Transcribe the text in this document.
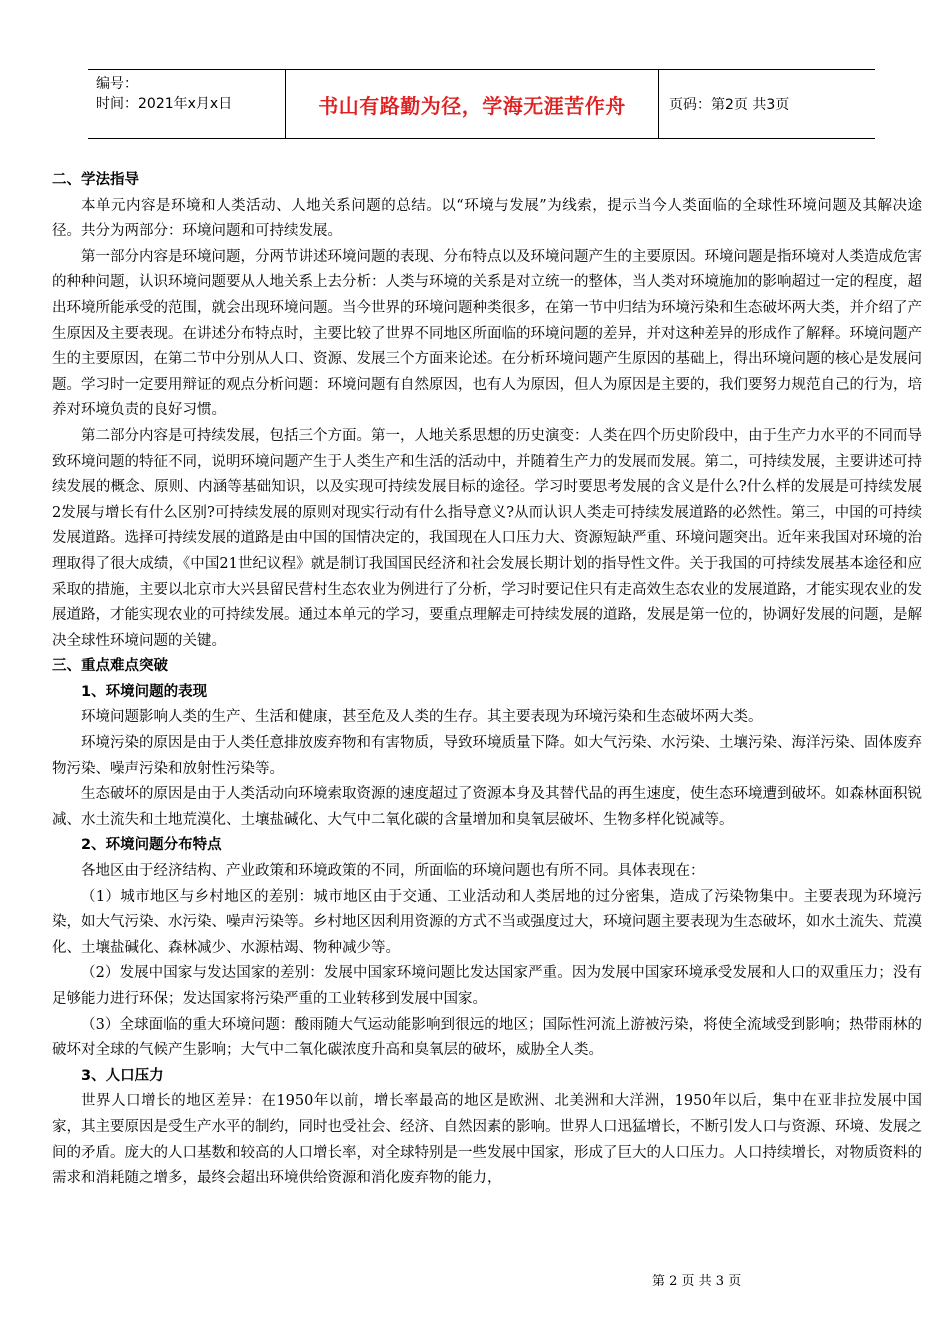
编号：
时间：2021年x月x日	书山有路勤为径，学海无涯苦作舟	页码：第2页 共3页
二、学法指导

本单元内容是环境和人类活动、人地关系问题的总结。以“环境与发展”为线索，提示当今人类面临的全球性环境问题及其解决途径。共分为两部分：环境问题和可持续发展。

第一部分内容是环境问题，分两节讲述环境问题的表现、分布特点以及环境问题产生的主要原因。环境问题是指环境对人类造成危害的种种问题，认识环境问题要从人地关系上去分析：人类与环境的关系是对立统一的整体，当人类对环境施加的影响超过一定的程度，超出环境所能承受的范围，就会出现环境问题。当今世界的环境问题种类很多，在第一节中归结为环境污染和生态破坏两大类，并介绍了产生原因及主要表现。在讲述分布特点时，主要比较了世界不同地区所面临的环境问题的差异，并对这种差异的形成作了解释。环境问题产生的主要原因，在第二节中分别从人口、资源、发展三个方面来论述。在分析环境问题产生原因的基础上，得出环境问题的核心是发展问题。学习时一定要用辩证的观点分析问题：环境问题有自然原因，也有人为原因，但人为原因是主要的，我们要努力规范自己的行为，培养对环境负责的良好习惯。

第二部分内容是可持续发展，包括三个方面。第一，人地关系思想的历史演变：人类在四个历史阶段中，由于生产力水平的不同而导致环境问题的特征不同，说明环境问题产生于人类生产和生活的活动中，并随着生产力的发展而发展。第二，可持续发展，主要讲述可持续发展的概念、原则、内涵等基础知识，以及实现可持续发展目标的途径。学习时要思考发展的含义是什么?什么样的发展是可持续发展2发展与增长有什么区别?可持续发展的原则对现实行动有什么指导意义?从而认识人类走可持续发展道路的必然性。第三，中国的可持续发展道路。选择可持续发展的道路是由中国的国情决定的，我国现在人口压力大、资源短缺严重、环境问题突出。近年来我国对环境的治理取得了很大成绩，《中国21世纪议程》就是制订我国国民经济和社会发展长期计划的指导性文件。关于我国的可持续发展基本途径和应采取的措施，主要以北京市大兴县留民营村生态农业为例进行了分析，学习时要记住只有走高效生态农业的发展道路，才能实现农业的发展道路，才能实现农业的可持续发展。通过本单元的学习，要重点理解走可持续发展的道路，发展是第一位的，协调好发展的问题，是解决全球性环境问题的关键。

三、重点难点突破
1、环境问题的表现

环境问题影响人类的生产、生活和健康，甚至危及人类的生存。其主要表现为环境污染和生态破坏两大类。

环境污染的原因是由于人类任意排放废弃物和有害物质，导致环境质量下降。如大气污染、水污染、土壤污染、海洋污染、固体废弃物污染、噪声污染和放射性污染等。

生态破坏的原因是由于人类活动向环境索取资源的速度超过了资源本身及其替代品的再生速度，使生态环境遭到破坏。如森林面积锐减、水土流失和土地荒漠化、土壤盐碱化、大气中二氧化碳的含量增加和臭氧层破坏、生物多样化锐减等。

2、环境问题分布特点

各地区由于经济结构、产业政策和环境政策的不同，所面临的环境问题也有所不同。具体表现在：

（1）城市地区与乡村地区的差别：城市地区由于交通、工业活动和人类居地的过分密集，造成了污染物集中。主要表现为环境污染，如大气污染、水污染、噪声污染等。乡村地区因利用资源的方式不当或强度过大，环境问题主要表现为生态破坏，如水土流失、荒漠化、土壤盐碱化、森林减少、水源枯竭、物种减少等。

（2）发展中国家与发达国家的差别：发展中国家环境问题比发达国家严重。因为发展中国家环境承受发展和人口的双重压力；没有足够能力进行环保；发达国家将污染严重的工业转移到发展中国家。

（3）全球面临的重大环境问题：酸雨随大气运动能影响到很远的地区；国际性河流上游被污染，将使全流域受到影响；热带雨林的破坏对全球的气候产生影响；大气中二氧化碳浓度升高和臭氧层的破坏，威胁全人类。

3、人口压力

世界人口增长的地区差异：在1950年以前，增长率最高的地区是欧洲、北美洲和大洋洲，1950年以后，集中在亚非拉发展中国家，其主要原因是受生产水平的制约，同时也受社会、经济、自然因素的影响。世界人口迅猛增长，不断引发人口与资源、环境、发展之间的矛盾。庞大的人口基数和较高的人口增长率，对全球特别是一些发展中国家，形成了巨大的人口压力。人口持续增长，对物质资料的需求和消耗随之增多，最终会超出环境供给资源和消化废弃物的能力，

第 2 页 共 3 页
